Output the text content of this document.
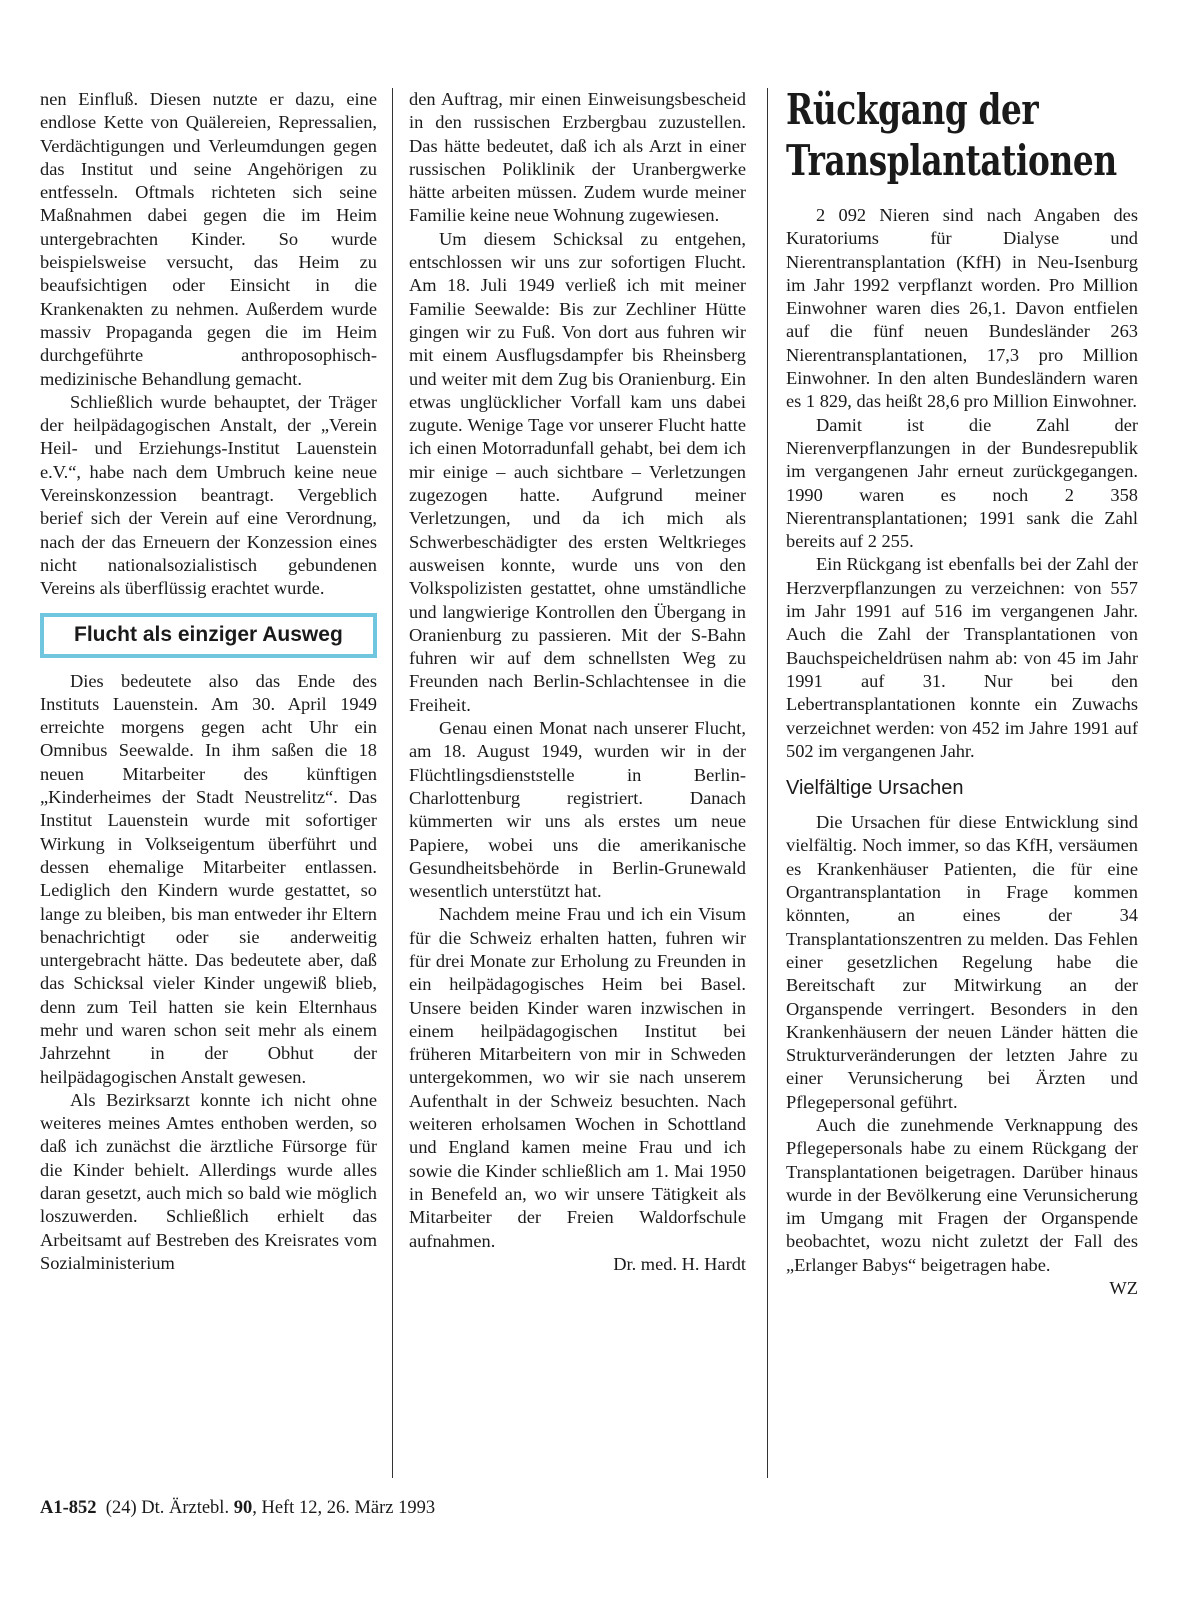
nen Einfluß. Diesen nutzte er dazu, eine endlose Kette von Quälereien, Repressalien, Verdächtigungen und Verleumdungen gegen das Institut und seine Angehörigen zu entfesseln. Oftmals richteten sich seine Maßnahmen dabei gegen die im Heim untergebrachten Kinder. So wurde beispielsweise versucht, das Heim zu beaufsichtigen oder Einsicht in die Krankenakten zu nehmen. Außerdem wurde massiv Propaganda gegen die im Heim durchgeführte anthroposophisch-medizinische Behandlung gemacht.

Schließlich wurde behauptet, der Träger der heilpädagogischen Anstalt, der „Verein Heil- und Erziehungs-Institut Lauenstein e.V.“, habe nach dem Umbruch keine neue Vereinskonzession beantragt. Vergeblich berief sich der Verein auf eine Verordnung, nach der das Erneuern der Konzession eines nicht nationalsozialistisch gebundenen Vereins als überflüssig erachtet wurde.

Flucht als einziger Ausweg

Dies bedeutete also das Ende des Instituts Lauenstein. Am 30. April 1949 erreichte morgens gegen acht Uhr ein Omnibus Seewalde. In ihm saßen die 18 neuen Mitarbeiter des künftigen „Kinderheimes der Stadt Neustrelitz“. Das Institut Lauenstein wurde mit sofortiger Wirkung in Volkseigentum überführt und dessen ehemalige Mitarbeiter entlassen. Lediglich den Kindern wurde gestattet, so lange zu bleiben, bis man entweder ihr Eltern benachrichtigt oder sie anderweitig untergebracht hätte. Das bedeutete aber, daß das Schicksal vieler Kinder ungewiß blieb, denn zum Teil hatten sie kein Elternhaus mehr und waren schon seit mehr als einem Jahrzehnt in der Obhut der heilpädagogischen Anstalt gewesen.

Als Bezirksarzt konnte ich nicht ohne weiteres meines Amtes enthoben werden, so daß ich zunächst die ärztliche Fürsorge für die Kinder behielt. Allerdings wurde alles daran gesetzt, auch mich so bald wie möglich loszuwerden. Schließlich erhielt das Arbeitsamt auf Bestreben des Kreisrates vom Sozialministerium

den Auftrag, mir einen Einweisungsbescheid in den russischen Erzbergbau zuzustellen. Das hätte bedeutet, daß ich als Arzt in einer russischen Poliklinik der Uranbergwerke hätte arbeiten müssen. Zudem wurde meiner Familie keine neue Wohnung zugewiesen.

Um diesem Schicksal zu entgehen, entschlossen wir uns zur sofortigen Flucht. Am 18. Juli 1949 verließ ich mit meiner Familie Seewalde: Bis zur Zechliner Hütte gingen wir zu Fuß. Von dort aus fuhren wir mit einem Ausflugsdampfer bis Rheinsberg und weiter mit dem Zug bis Oranienburg. Ein etwas unglücklicher Vorfall kam uns dabei zugute. Wenige Tage vor unserer Flucht hatte ich einen Motorradunfall gehabt, bei dem ich mir einige – auch sichtbare – Verletzungen zugezogen hatte. Aufgrund meiner Verletzungen, und da ich mich als Schwerbeschädigter des ersten Weltkrieges ausweisen konnte, wurde uns von den Volkspolizisten gestattet, ohne umständliche und langwierige Kontrollen den Übergang in Oranienburg zu passieren. Mit der S-Bahn fuhren wir auf dem schnellsten Weg zu Freunden nach Berlin-Schlachtensee in die Freiheit.

Genau einen Monat nach unserer Flucht, am 18. August 1949, wurden wir in der Flüchtlingsdienststelle in Berlin-Charlottenburg registriert. Danach kümmerten wir uns als erstes um neue Papiere, wobei uns die amerikanische Gesundheitsbehörde in Berlin-Grunewald wesentlich unterstützt hat.

Nachdem meine Frau und ich ein Visum für die Schweiz erhalten hatten, fuhren wir für drei Monate zur Erholung zu Freunden in ein heilpädagogisches Heim bei Basel. Unsere beiden Kinder waren inzwischen in einem heilpädagogischen Institut bei früheren Mitarbeitern von mir in Schweden untergekommen, wo wir sie nach unserem Aufenthalt in der Schweiz besuchten. Nach weiteren erholsamen Wochen in Schottland und England kamen meine Frau und ich sowie die Kinder schließlich am 1. Mai 1950 in Benefeld an, wo wir unsere Tätigkeit als Mitarbeiter der Freien Waldorfschule aufnahmen.

Dr. med. H. Hardt
Rückgang der
Transplantationen

2 092 Nieren sind nach Angaben des Kuratoriums für Dialyse und Nierentransplantation (KfH) in Neu-Isenburg im Jahr 1992 verpflanzt worden. Pro Million Einwohner waren dies 26,1. Davon entfielen auf die fünf neuen Bundesländer 263 Nierentransplantationen, 17,3 pro Million Einwohner. In den alten Bundesländern waren es 1 829, das heißt 28,6 pro Million Einwohner.

Damit ist die Zahl der Nierenverpflanzungen in der Bundesrepublik im vergangenen Jahr erneut zurückgegangen. 1990 waren es noch 2 358 Nierentransplantationen; 1991 sank die Zahl bereits auf 2 255.

Ein Rückgang ist ebenfalls bei der Zahl der Herzverpflanzungen zu verzeichnen: von 557 im Jahr 1991 auf 516 im vergangenen Jahr. Auch die Zahl der Transplantationen von Bauchspeicheldrüsen nahm ab: von 45 im Jahr 1991 auf 31. Nur bei den Lebertransplantationen konnte ein Zuwachs verzeichnet werden: von 452 im Jahre 1991 auf 502 im vergangenen Jahr.

Vielfältige Ursachen

Die Ursachen für diese Entwicklung sind vielfältig. Noch immer, so das KfH, versäumen es Krankenhäuser Patienten, die für eine Organtransplantation in Frage kommen könnten, an eines der 34 Transplantationszentren zu melden. Das Fehlen einer gesetzlichen Regelung habe die Bereitschaft zur Mitwirkung an der Organspende verringert. Besonders in den Krankenhäusern der neuen Länder hätten die Strukturveränderungen der letzten Jahre zu einer Verunsicherung bei Ärzten und Pflegepersonal geführt.

Auch die zunehmende Verknappung des Pflegepersonals habe zu einem Rückgang der Transplantationen beigetragen. Darüber hinaus wurde in der Bevölkerung eine Verunsicherung im Umgang mit Fragen der Organspende beobachtet, wozu nicht zuletzt der Fall des „Erlanger Babys“ beigetragen habe.

WZ
A1-852 (24) Dt. Ärztebl. 90, Heft 12, 26. März 1993
